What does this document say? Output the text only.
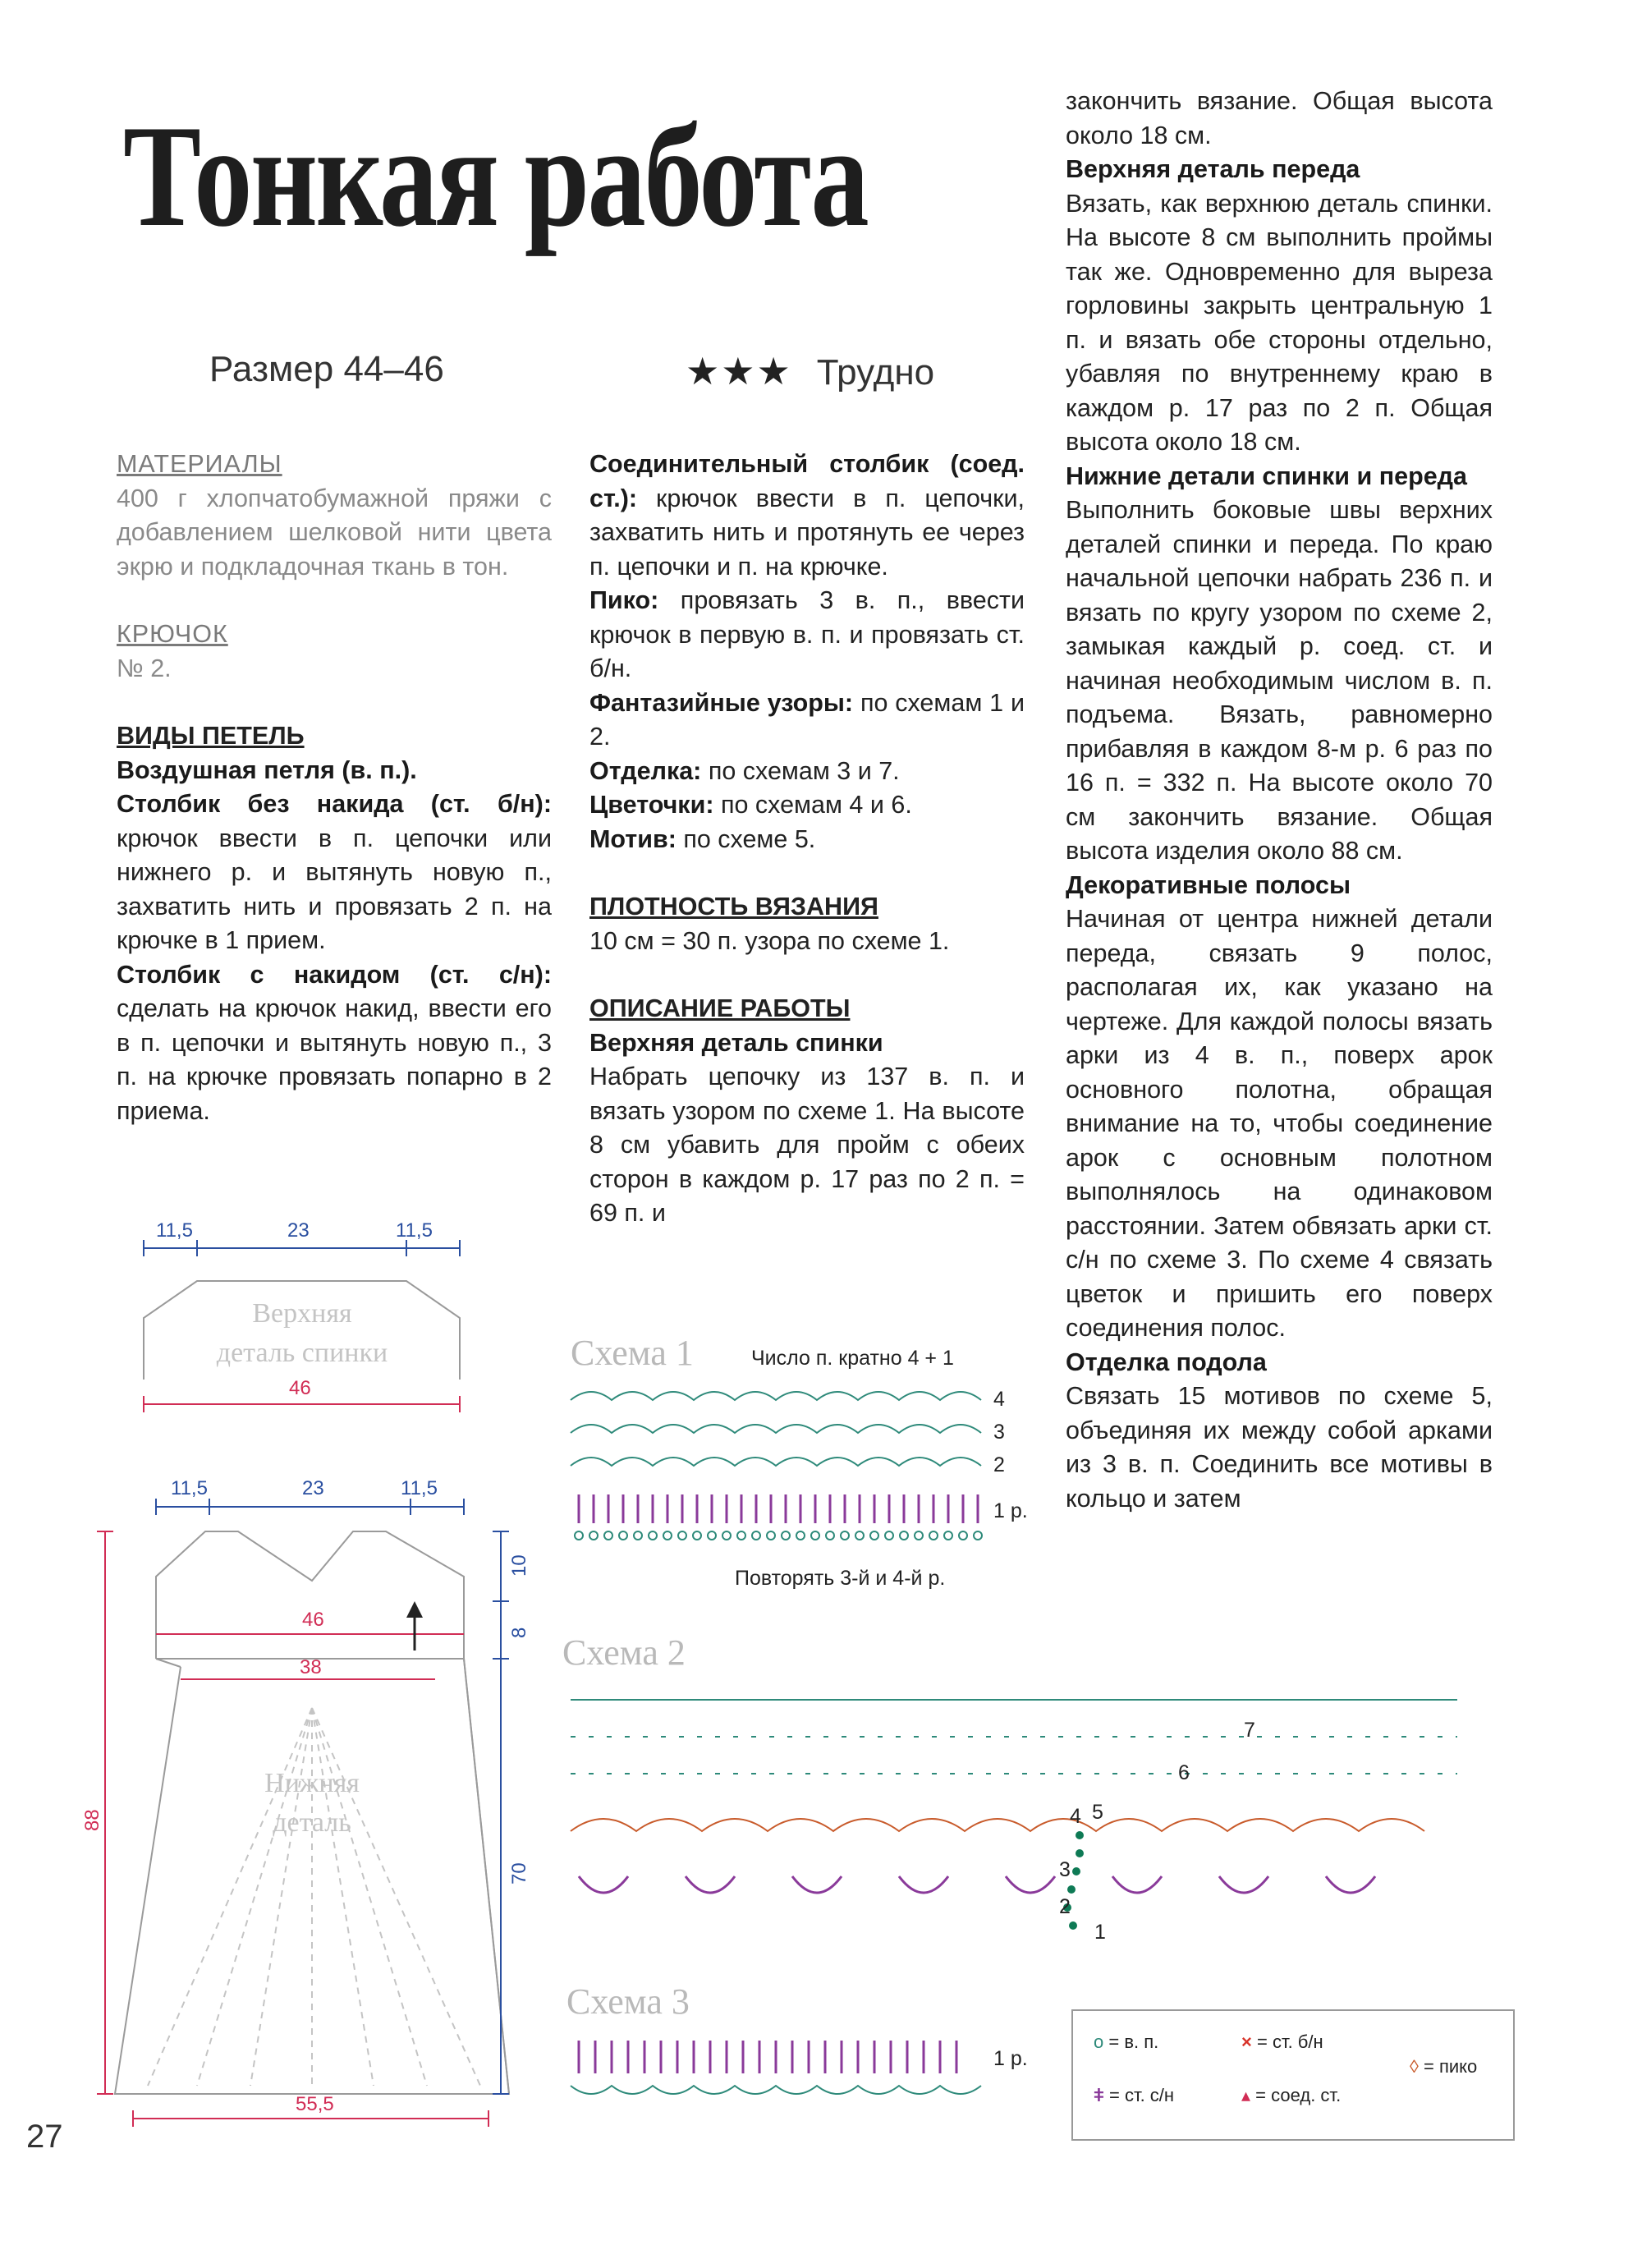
Тонкая работа
Размер 44–46	★★★ Трудно

МАТЕРИАЛЫ

400 г хлопчатобумажной пряжи с добавлением шелковой нити цвета экрю и подкладочная ткань в тон.

КРЮЧОК

№ 2.

ВИДЫ ПЕТЕЛЬ

Воздушная петля (в. п.).

Столбик без накида (ст. б/н): крючок ввести в п. цепочки или нижнего р. и вытянуть новую п., захватить нить и провязать 2 п. на крючке в 1 прием.

Столбик с накидом (ст. с/н): сделать на крючок накид, ввести его в п. цепочки и вытянуть новую п., 3 п. на крючке провязать попарно в 2 приема.

Соединительный столбик (соед. ст.): крючок ввести в п. цепочки, захватить нить и протянуть ее через п. цепочки и п. на крючке.

Пико: провязать 3 в. п., ввести крючок в первую в. п. и провязать ст. б/н.

Фантазийные узоры: по схемам 1 и 2.

Отделка: по схемам 3 и 7.

Цветочки: по схемам 4 и 6.

Мотив: по схеме 5.

ПЛОТНОСТЬ ВЯЗАНИЯ

10 см = 30 п. узора по схеме 1.

ОПИСАНИЕ РАБОТЫ

Верхняя деталь спинки

Набрать цепочку из 137 в. п. и вязать узором по схеме 1. На высоте 8 см убавить для пройм с обеих сторон в каждом р. 17 раз по 2 п. = 69 п. и

закончить вязание. Общая высота около 18 см.

Верхняя деталь переда

Вязать, как верхнюю деталь спинки. На высоте 8 см выполнить проймы так же. Одновременно для выреза горловины закрыть центральную 1 п. и вязать обе стороны отдельно, убавляя по внутреннему краю в каждом р. 17 раз по 2 п. Общая высота около 18 см.

Нижние детали спинки и переда

Выполнить боковые швы верхних деталей спинки и переда. По краю начальной цепочки набрать 236 п. и вязать по кругу узором по схеме 2, замыкая каждый р. соед. ст. и начиная необходимым числом в. п. подъема. Вязать, равномерно прибавляя в каждом 8-м р. 6 раз по 16 п. = 332 п. На высоте около 70 см закончить вязание. Общая высота изделия около 88 см.

Декоративные полосы

Начиная от центра нижней детали переда, связать 9 полос, располагая их, как указано на чертеже. Для каждой полосы вязать арки из 4 в. п., поверх арок основного полотна, обращая внимание на то, чтобы соединение арок с основным полотном выполнялось на одинаковом расстоянии. Затем обвязать арки ст. с/н по схеме 3. По схеме 4 связать цветок и пришить его поверх соединения полос.

Отделка подола

Связать 15 мотивов по схеме 5, объединяя их между собой арками из 3 в. п. Соединить все мотивы в кольцо и затем

11,5	23	11,5
Верхняя
деталь спинки
46
11,5	23	11,5
46
38
Нижняя
деталь
10
8
70
88
55,5
Схема 1	Число п. кратно 4 + 1
4
3
2
1 р.
Повторять 3-й и 4-й р.
Схема 2
1
2
3
4 5
6
7
Схема 3
1 р.
o = в. п.	× = ст. б/н
◊ = пико
ǂ = ст. с/н	▴ = соед. ст.
27
